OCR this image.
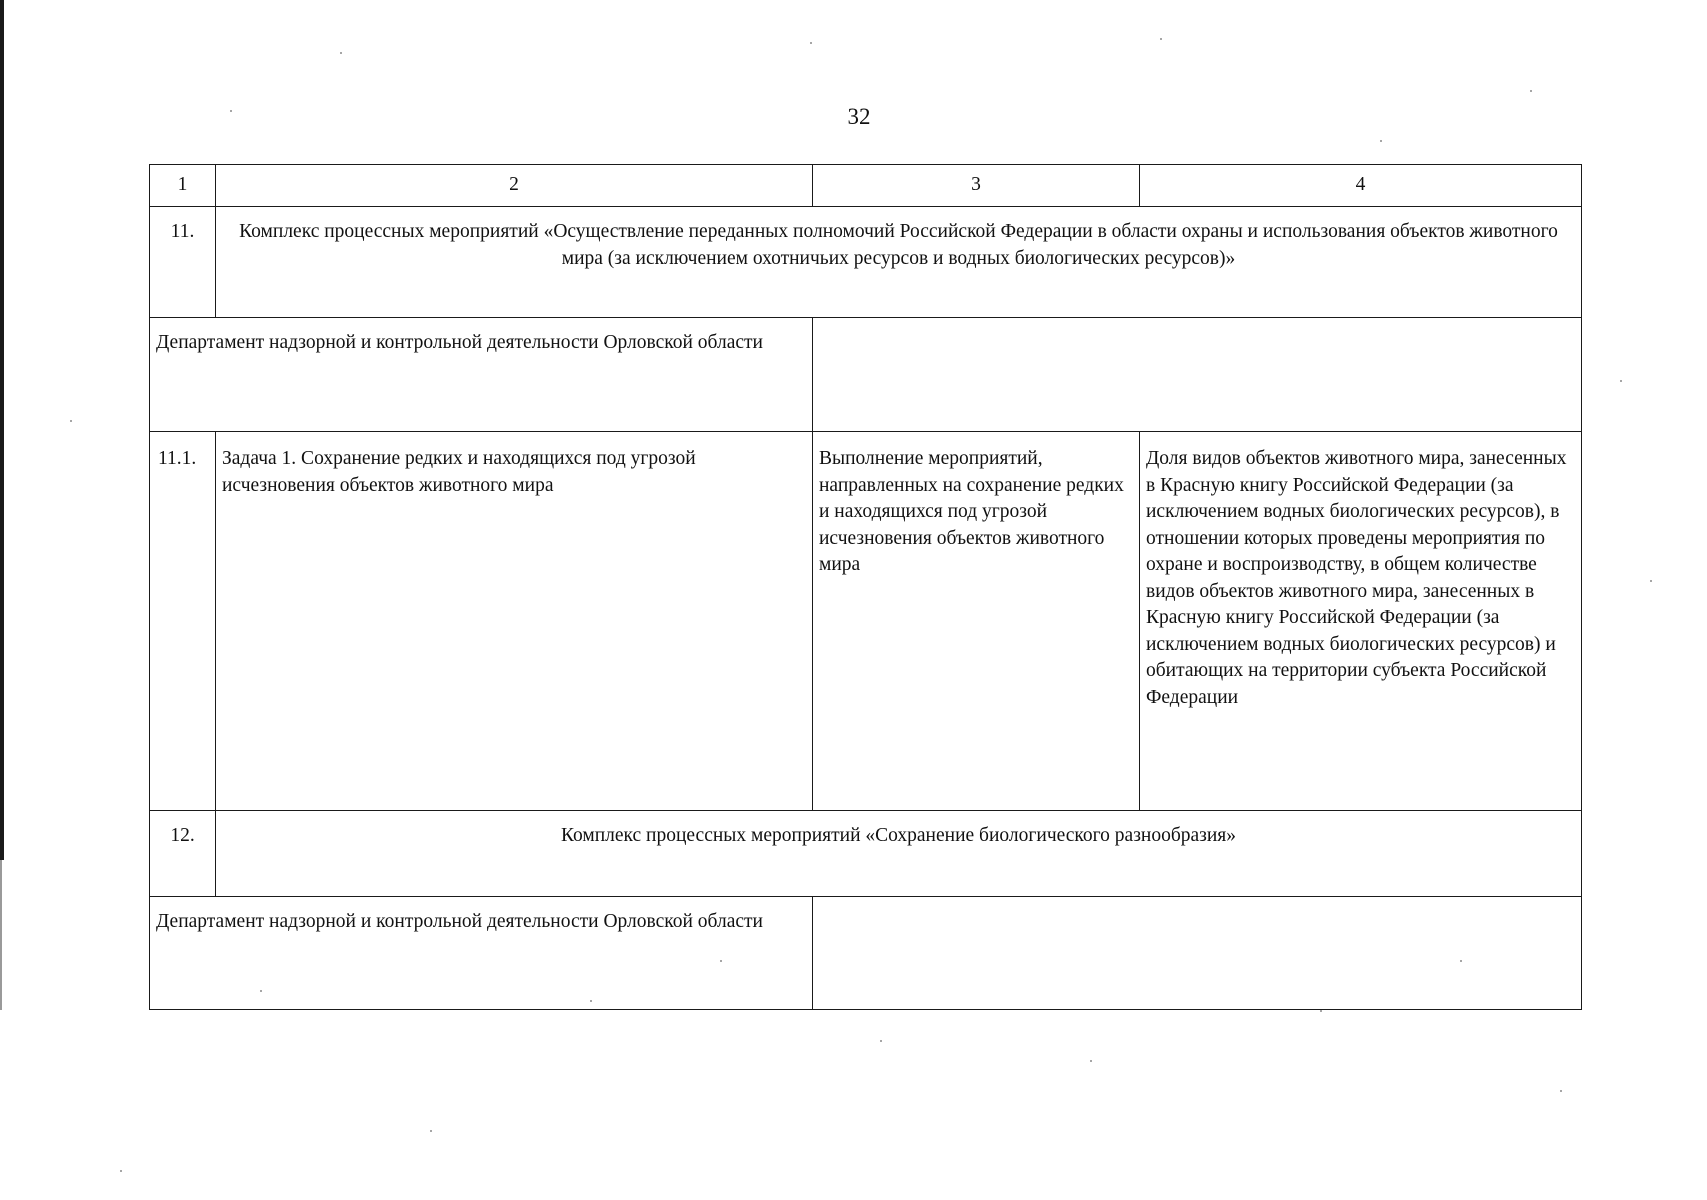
32
1	2	3	4
11.	Комплекс процессных мероприятий «Осуществление переданных полномочий Российской Федерации в области охраны и использования объектов животного мира (за исключением охотничьих ресурсов и водных биологических ресурсов)»		
Департамент надзорной и контрольной деятельности Орловской области			
11.1.	Задача 1. Сохранение редких и находящихся под угрозой исчезновения объектов животного мира	Выполнение мероприятий, направленных на сохранение редких и находящихся под угрозой исчезновения объектов животного мира	Доля видов объектов животного мира, занесенных в Красную книгу Российской Федерации (за исключением водных биологических ресурсов), в отношении которых проведены мероприятия по охране и воспроизводству, в общем количестве видов объектов животного мира, занесенных в Красную книгу Российской Федерации (за исключением водных биологических ресурсов) и обитающих на территории субъекта Российской Федерации
12.	Комплекс процессных мероприятий «Сохранение биологического разнообразия»		
Департамент надзорной и контрольной деятельности Орловской области			
